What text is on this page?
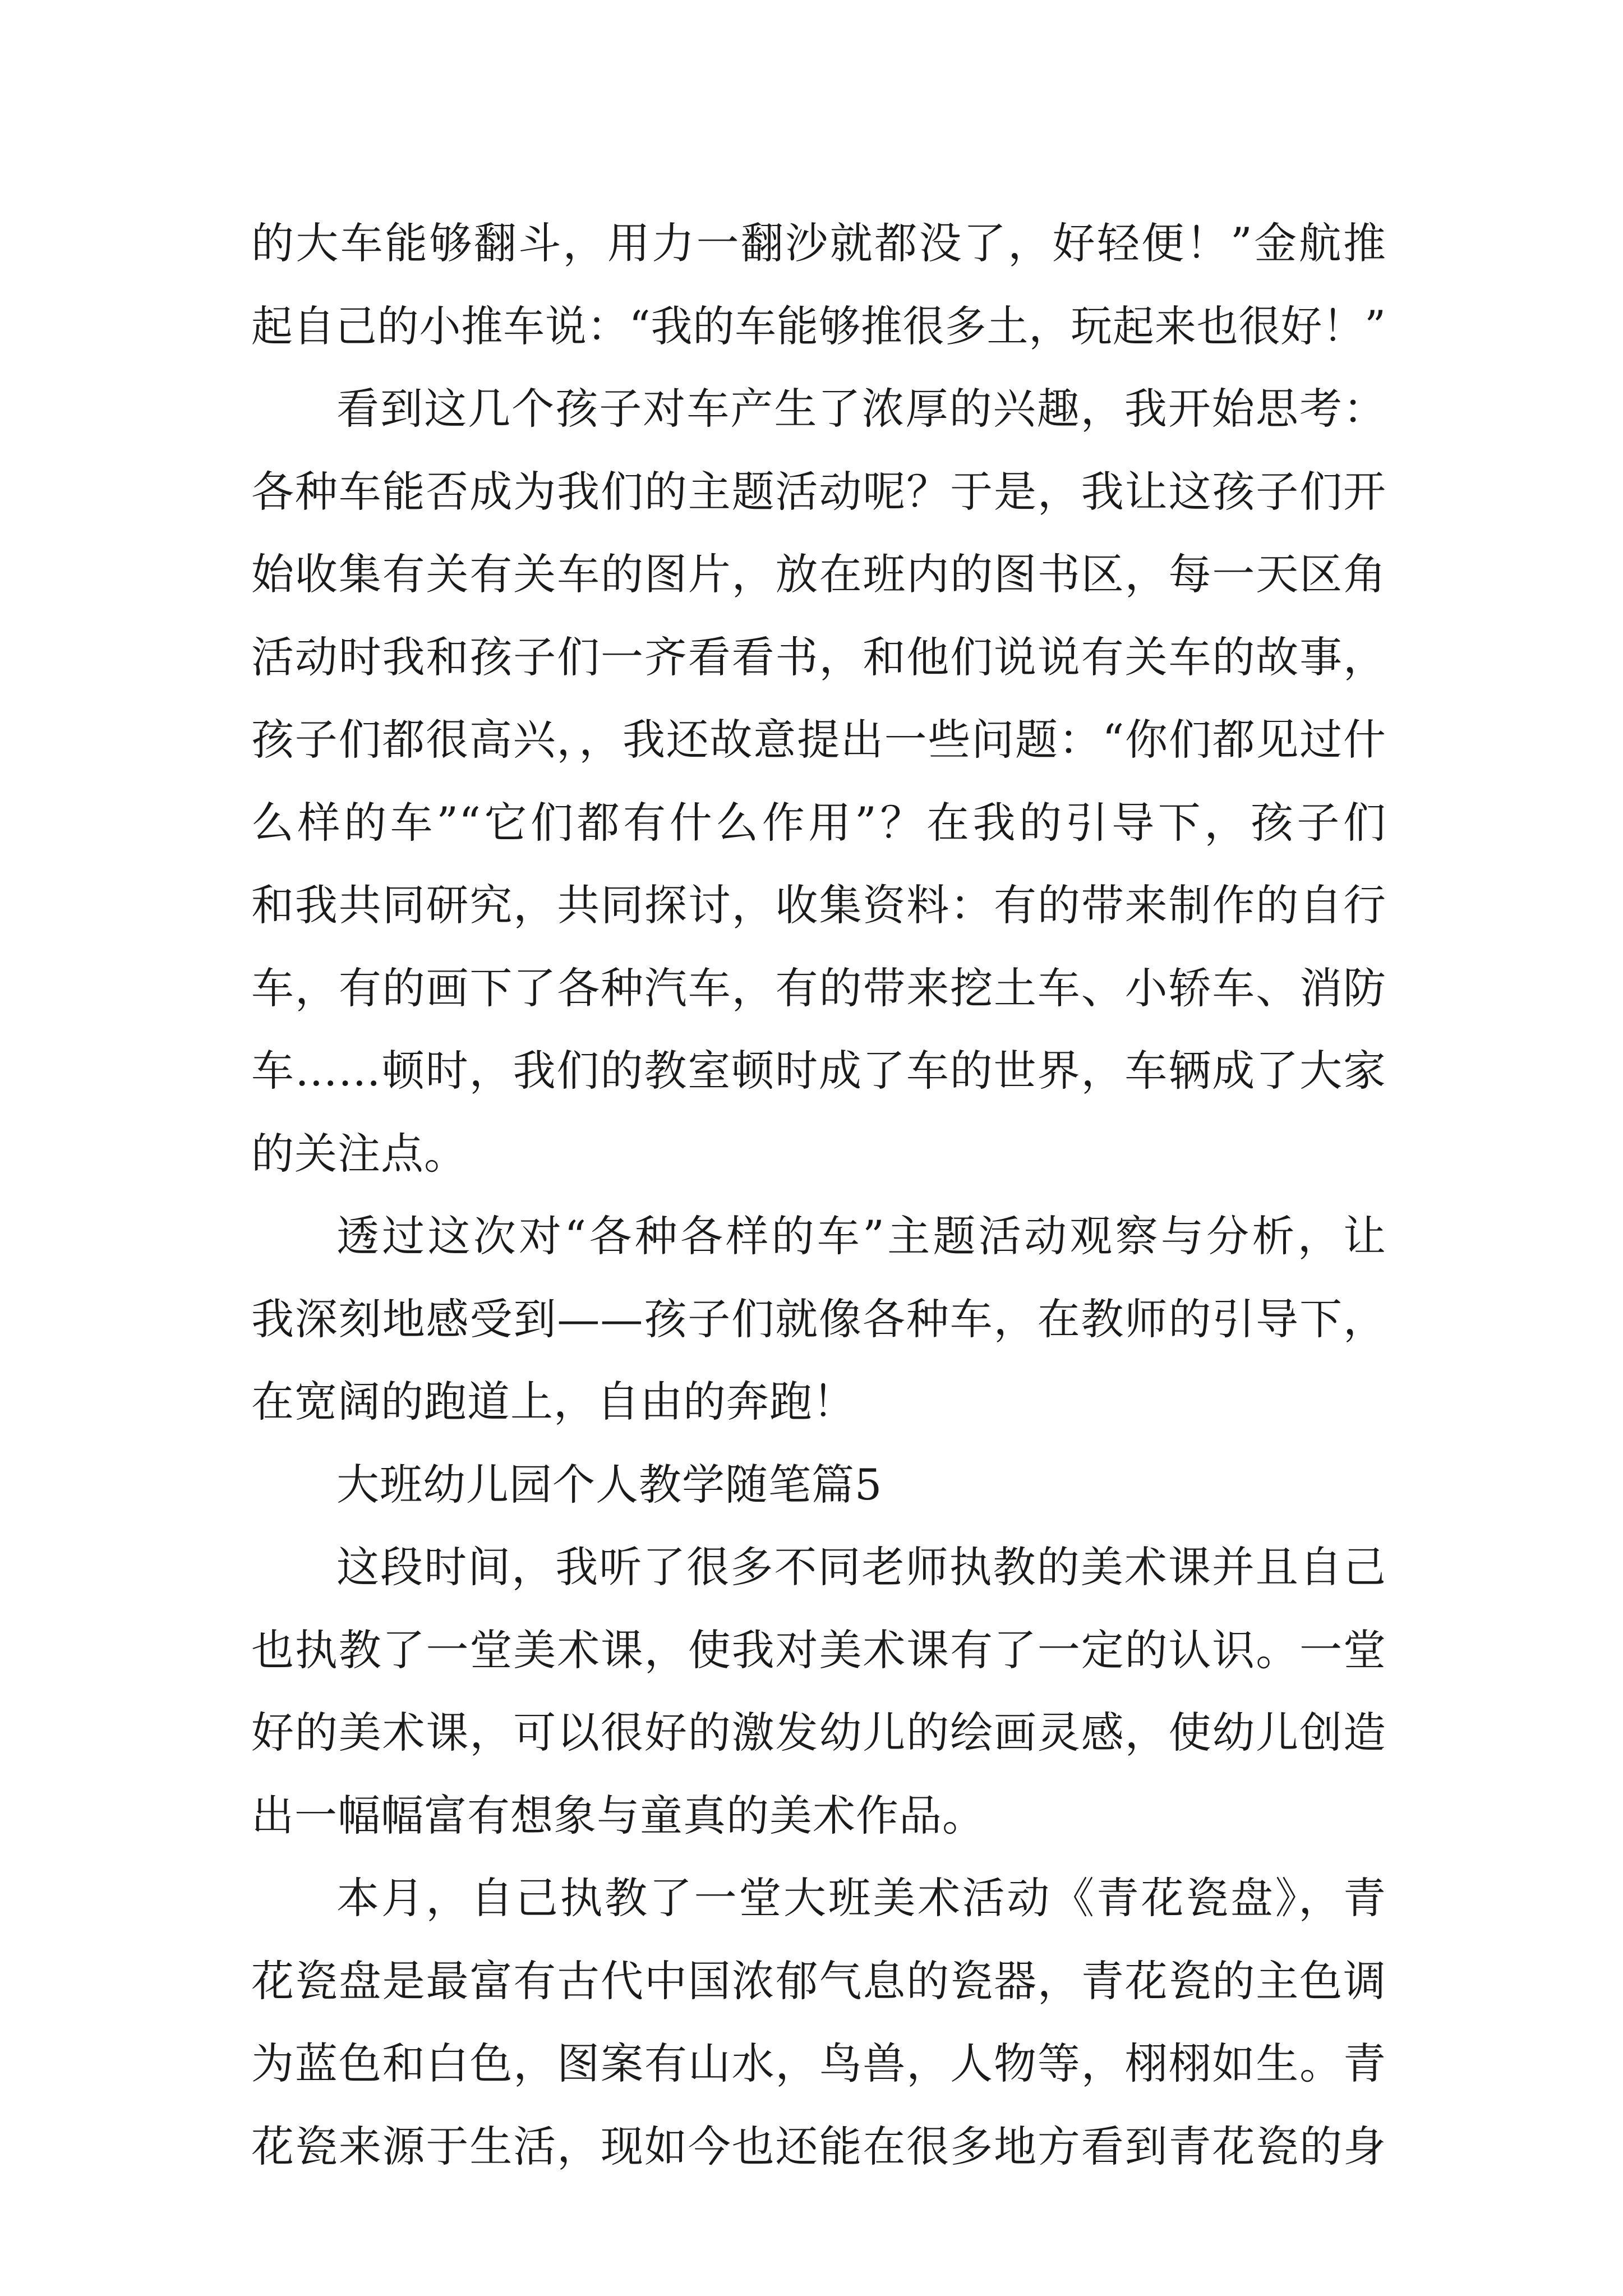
的大车能够翻斗，用力一翻沙就都没了，好轻便！”金航推
起自己的小推车说：“我的车能够推很多土，玩起来也很好！”
看到这几个孩子对车产生了浓厚的兴趣，我开始思考：
各种车能否成为我们的主题活动呢？于是，我让这孩子们开
始收集有关有关车的图片，放在班内的图书区，每一天区角
活动时我和孩子们一齐看看书，和他们说说有关车的故事，
孩子们都很高兴，，我还故意提出一些问题：“你们都见过什
么样的车”“它们都有什么作用”？在我的引导下，孩子们
和我共同研究，共同探讨，收集资料：有的带来制作的自行
车，有的画下了各种汽车，有的带来挖土车、小轿车、消防
车……顿时，我们的教室顿时成了车的世界，车辆成了大家
的关注点。
透过这次对“各种各样的车”主题活动观察与分析，让
我深刻地感受到——孩子们就像各种车，在教师的引导下，
在宽阔的跑道上，自由的奔跑！
大班幼儿园个人教学随笔篇5
这段时间，我听了很多不同老师执教的美术课并且自己
也执教了一堂美术课，使我对美术课有了一定的认识。一堂
好的美术课，可以很好的激发幼儿的绘画灵感，使幼儿创造
出一幅幅富有想象与童真的美术作品。
本月，自己执教了一堂大班美术活动《青花瓷盘》，青
花瓷盘是最富有古代中国浓郁气息的瓷器，青花瓷的主色调
为蓝色和白色，图案有山水，鸟兽，人物等，栩栩如生。青
花瓷来源于生活，现如今也还能在很多地方看到青花瓷的身
